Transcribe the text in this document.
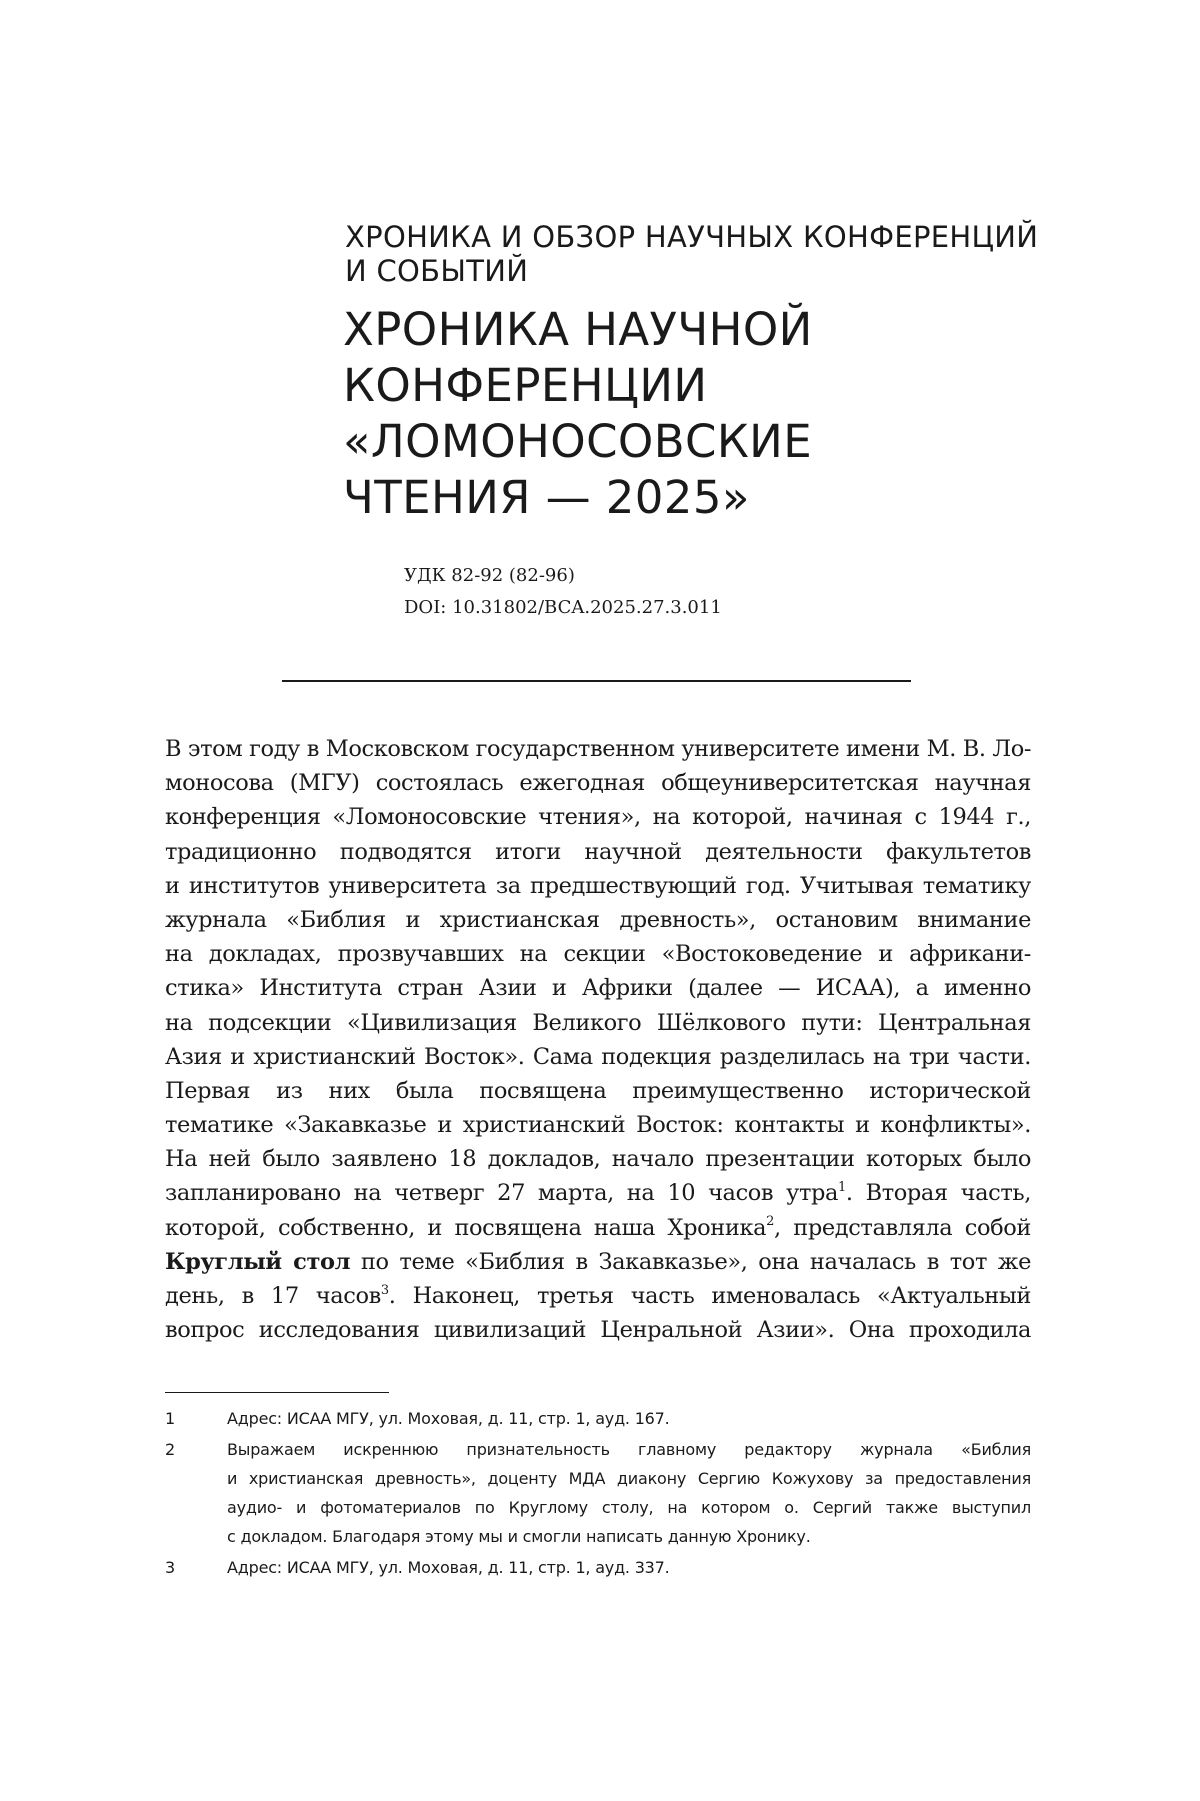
ХРОНИКА И ОБЗОР НАУЧНЫХ КОНФЕРЕНЦИЙ
И СОБЫТИЙ
ХРОНИКА НАУЧНОЙ
КОНФЕРЕНЦИИ
«ЛОМОНОСОВСКИЕ
ЧТЕНИЯ — 2025»
УДК 82-92 (82-96)
DOI: 10.31802/BCA.2025.27.3.011
В этом году в Московском государственном университете имени М. В. Ло-
моносова (МГУ) состоялась ежегодная общеуниверситетская научная
конференция «Ломоносовские чтения», на которой, начиная с 1944 г.,
традиционно подводятся итоги научной деятельности факультетов
и институтов университета за предшествующий год. Учитывая тематику
журнала «Библия и христианская древность», остановим внимание
на докладах, прозвучавших на секции «Востоковедение и африкани-
стика» Института стран Азии и Африки (далее — ИСАА), а именно
на подсекции «Цивилизация Великого Шёлкового пути: Центральная
Азия и христианский Восток». Сама подекция разделилась на три части.
Первая из них была посвящена преимущественно исторической
тематике «Закавказье и христианский Восток: контакты и конфликты».
На ней было заявлено 18 докладов, начало презентации которых было
запланировано на четверг 27 марта, на 10 часов утра$^1$. Вторая часть,
которой, собственно, и посвящена наша Хроника$^2$, представляла собой
Круглый стол по теме «Библия в Закавказье», она началась в тот же
день, в 17 часов$^3$. Наконец, третья часть именовалась «Актуальный
вопрос исследования цивилизаций Ценральной Азии». Она проходила
1	Адрес: ИСАА МГУ, ул. Моховая, д. 11, стр. 1, ауд. 167.
2	Выражаем искреннюю признательность главному редактору журнала «Библия
и христианская древность», доценту МДА диакону Сергию Кожухову за предоставления
аудио- и фотоматериалов по Круглому столу, на котором о. Сергий также выступил
с докладом. Благодаря этому мы и смогли написать данную Хронику.
3	Адрес: ИСАА МГУ, ул. Моховая, д. 11, стр. 1, ауд. 337.
